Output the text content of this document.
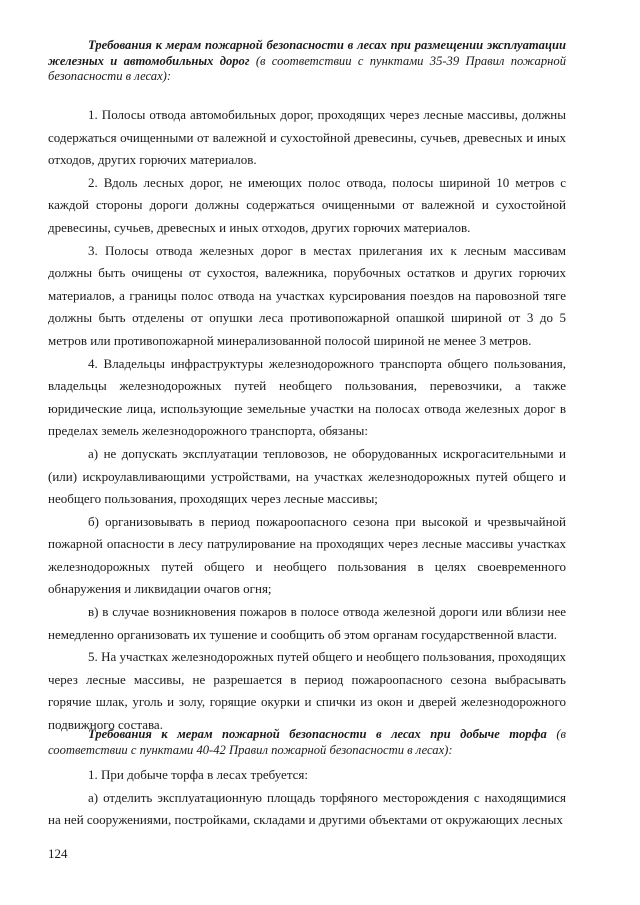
Требования к мерам пожарной безопасности в лесах при размещении эксплуатации железных и автомобильных дорог (в соответствии с пунктами 35-39 Правил пожарной безопасности в лесах):

1. Полосы отвода автомобильных дорог, проходящих через лесные массивы, должны содержаться очищенными от валежной и сухостойной древесины, сучьев, древесных и иных отходов, других горючих материалов.

2. Вдоль лесных дорог, не имеющих полос отвода, полосы шириной 10 метров с каждой стороны дороги должны содержаться очищенными от валежной и сухостойной древесины, сучьев, древесных и иных отходов, других горючих материалов.

3. Полосы отвода железных дорог в местах прилегания их к лесным массивам должны быть очищены от сухостоя, валежника, порубочных остатков и других горючих материалов, а границы полос отвода на участках курсирования поездов на паровозной тяге должны быть отделены от опушки леса противопожарной опашкой шириной от 3 до 5 метров или противопожарной минерализованной полосой шириной не менее 3 метров.

4. Владельцы инфраструктуры железнодорожного транспорта общего пользования, владельцы железнодорожных путей необщего пользования, перевозчики, а также юридические лица, использующие земельные участки на полосах отвода железных дорог в пределах земель железнодорожного транспорта, обязаны:

а) не допускать эксплуатации тепловозов, не оборудованных искрогасительными и (или) искроулавливающими устройствами, на участках железнодорожных путей общего и необщего пользования, проходящих через лесные массивы;

б) организовывать в период пожароопасного сезона при высокой и чрезвычайной пожарной опасности в лесу патрулирование на проходящих через лесные массивы участках железнодорожных путей общего и необщего пользования в целях своевременного обнаружения и ликвидации очагов огня;

в) в случае возникновения пожаров в полосе отвода железной дороги или вблизи нее немедленно организовать их тушение и сообщить об этом органам государственной власти.

5. На участках железнодорожных путей общего и необщего пользования, проходящих через лесные массивы, не разрешается в период пожароопасного сезона выбрасывать горячие шлак, уголь и золу, горящие окурки и спички из окон и дверей железнодорожного подвижного состава.

Требования к мерам пожарной безопасности в лесах при добыче торфа (в соответствии с пунктами 40-42 Правил пожарной безопасности в лесах):

1. При добыче торфа в лесах требуется:

а) отделить эксплуатационную площадь торфяного месторождения с находящимися на ней сооружениями, постройками, складами и другими объектами от окружающих лесных

124
